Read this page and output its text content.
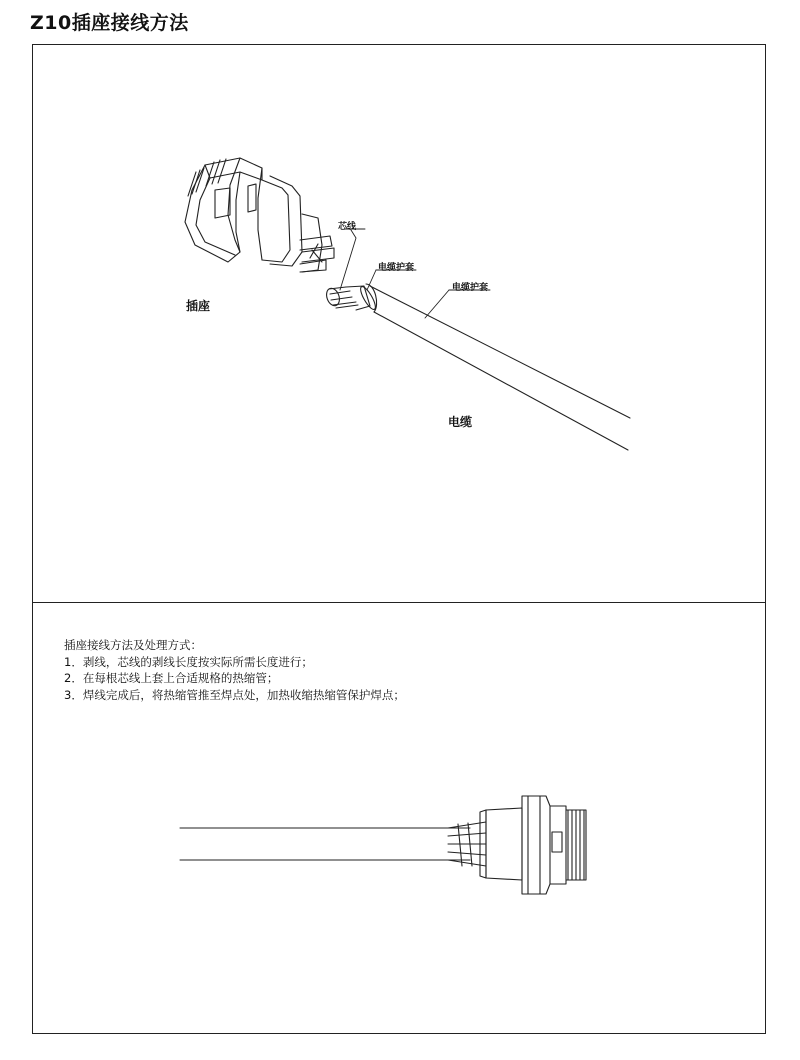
Z10插座接线方法
芯线
电缆护套
电缆护套
插座
电缆
插座接线方法及处理方式：
1．剥线，芯线的剥线长度按实际所需长度进行；
2．在每根芯线上套上合适规格的热缩管；
3．焊线完成后，将热缩管推至焊点处，加热收缩热缩管保护焊点；
